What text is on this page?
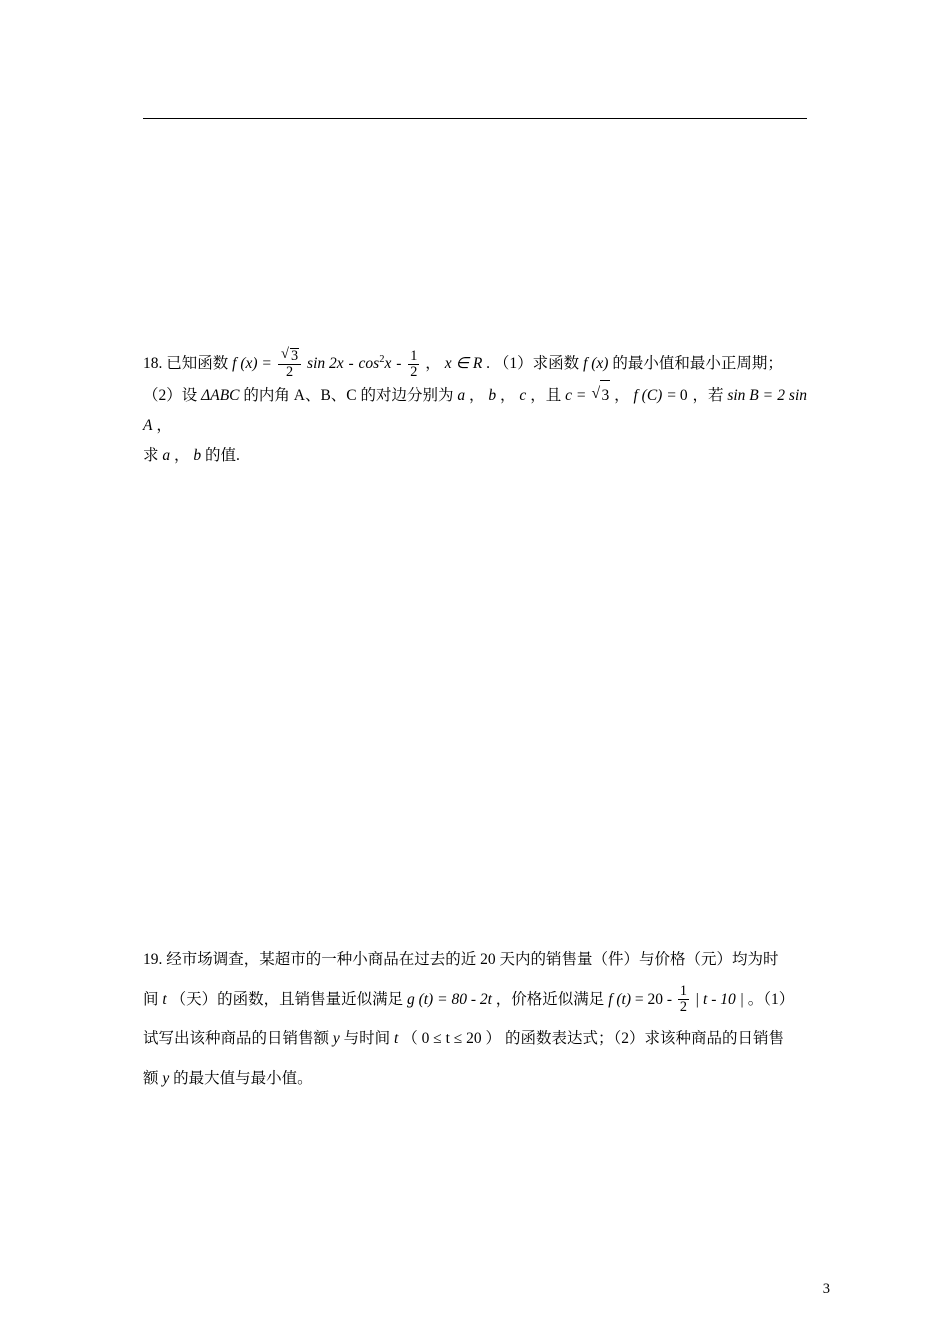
18. 已知函数 f (x) = √ $\frac{3}{2}$ $\sin 2x - \cos^2x - \frac{1}{2}$ ， x ∈ R . （1）求函数 f (x) 的最小值和最小正周期；
（2）设 ΔABC 的内角 A、B、C 的对边分别为 a ， b ， c ，且 c = √ 3 ， f (C) = 0 ，若 sin B = 2 sin A ，
求 a ， b 的值.
19. 经市场调查，某超市的一种小商品在过去的近 20 天内的销售量（件）与价格（元）均为时
间 t （天）的函数，且销售量近似满足 g (t) = 80 - 2t ，价格近似满足 f $(t) = 20 - \frac{1}{2}$ | t - 10 | 。（1）
试写出该种商品的日销售额 y 与时间 t （ 0 ≤ t ≤ 20 ） 的函数表达式；（2）求该种商品的日销售
额 y 的最大值与最小值。
3
